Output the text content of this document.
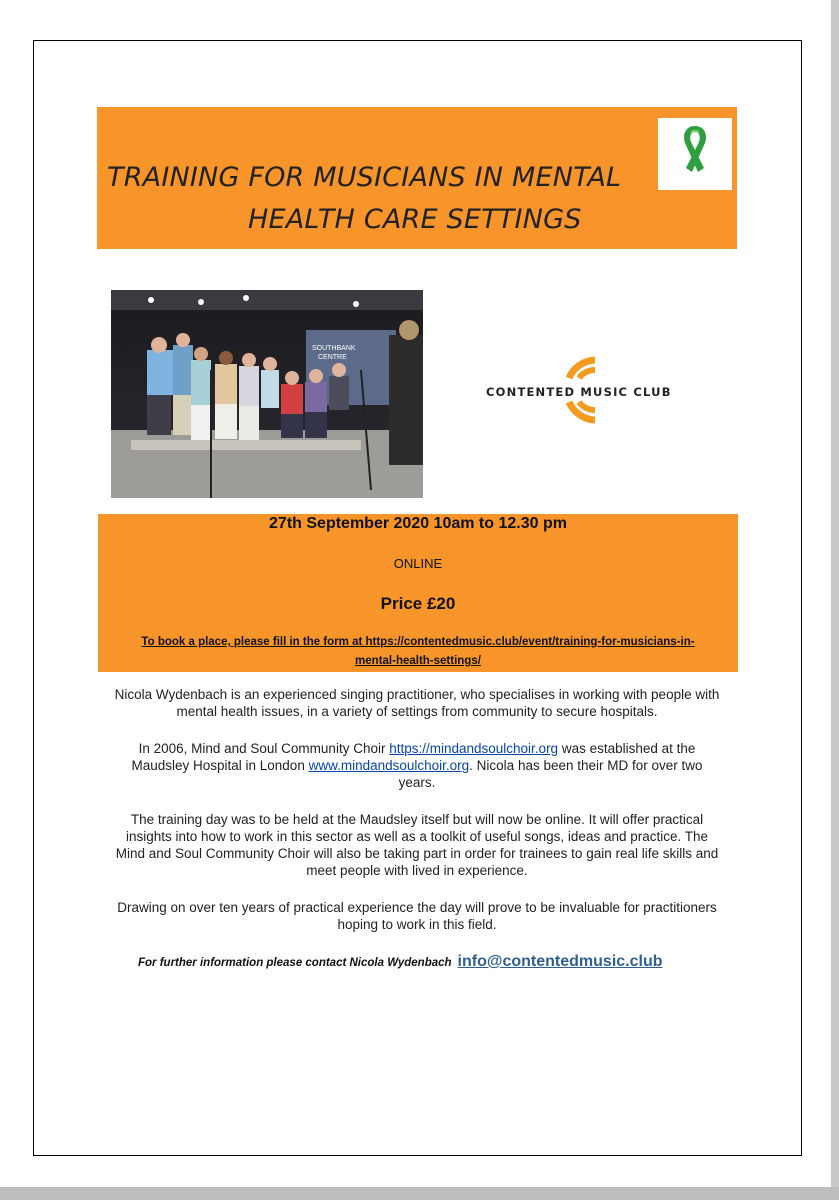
TRAINING FOR MUSICIANS IN MENTAL
HEALTH CARE SETTINGS
SOUTHBANK
CENTRE
CONTENTED MUSIC CLUB
27th September 2020 10am to 12.30 pm
ONLINE
Price £20
To book a place, please fill in the form at https://contentedmusic.club/event/training-for-musicians-in-
mental-health-settings/
Nicola Wydenbach is an experienced singing practitioner, who specialises in working with people with
mental health issues, in a variety of settings from community to secure hospitals.
In 2006, Mind and Soul Community Choir https://mindandsoulchoir.org was established at the
Maudsley Hospital in London www.mindandsoulchoir.org. Nicola has been their MD for over two
years.
The training day was to be held at the Maudsley itself but will now be online. It will offer practical
insights into how to work in this sector as well as a toolkit of useful songs, ideas and practice. The
Mind and Soul Community Choir will also be taking part in order for trainees to gain real life skills and
meet people with lived in experience.
Drawing on over ten years of practical experience the day will prove to be invaluable for practitioners
hoping to work in this field.
For further information please contact Nicola Wydenbach info@contentedmusic.club
